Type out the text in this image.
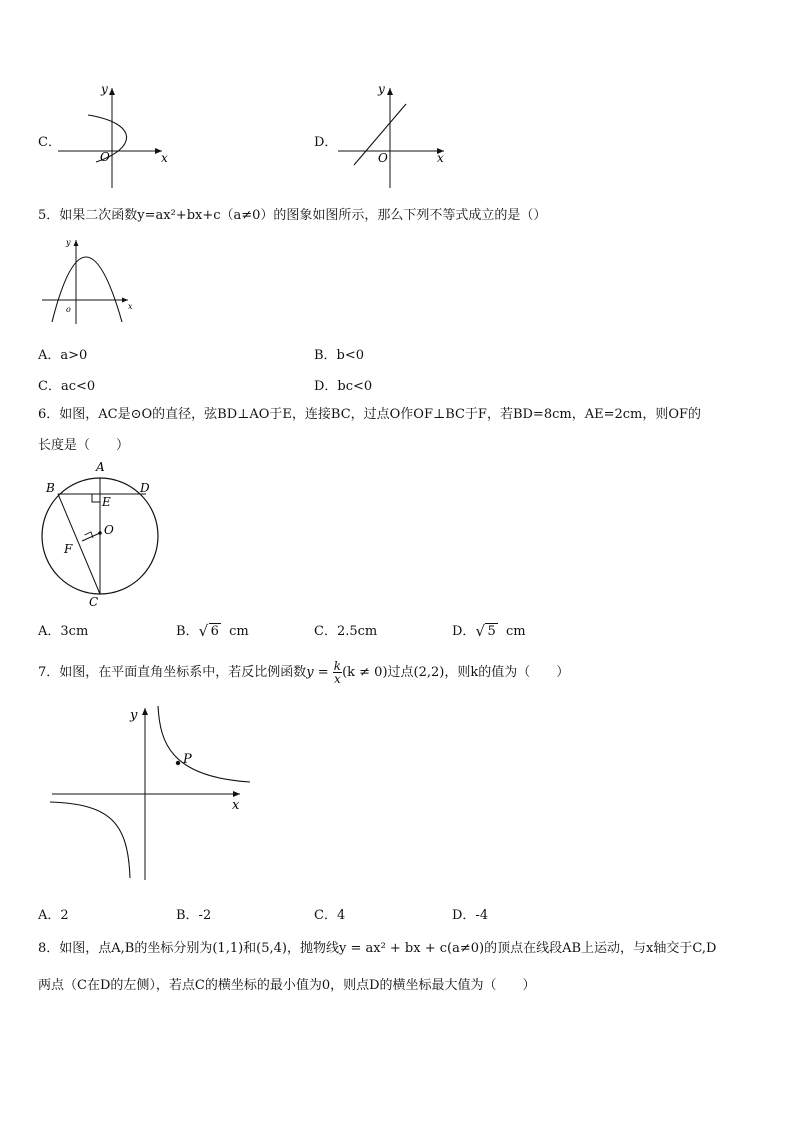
C．
y
x
O
D．
y
x
O
5．如果二次函数y=ax²+bx+c（a≠0）的图象如图所示，那么下列不等式成立的是（）
y
x
o
A．a>0	B．b<0
C．ac<0	D．bc<0
6．如图，AC是⊙O的直径，弦BD⊥AO于E，连接BC，过点O作OF⊥BC于F，若BD=8cm，AE=2cm，则OF的
长度是（　　）
A
B	D
E
O
F
C
A．3cm	B． √ 6 cm	C．2.5cm	D． √ 5 cm
7．如图，在平面直角坐标系中，若反比例函数$y = \frac{k}{x} (k \ne 0)$过点(2,2)，则k的值为（　　）
y
x
P
A．2	B．-2	C．4	D．-4
8．如图，点A,B的坐标分别为(1,1)和(5,4)，抛物线y = ax² + bx + c(a≠0)的顶点在线段AB上运动，与x轴交于C,D
两点（C在D的左侧），若点C的横坐标的最小值为0，则点D的横坐标最大值为（　　）
